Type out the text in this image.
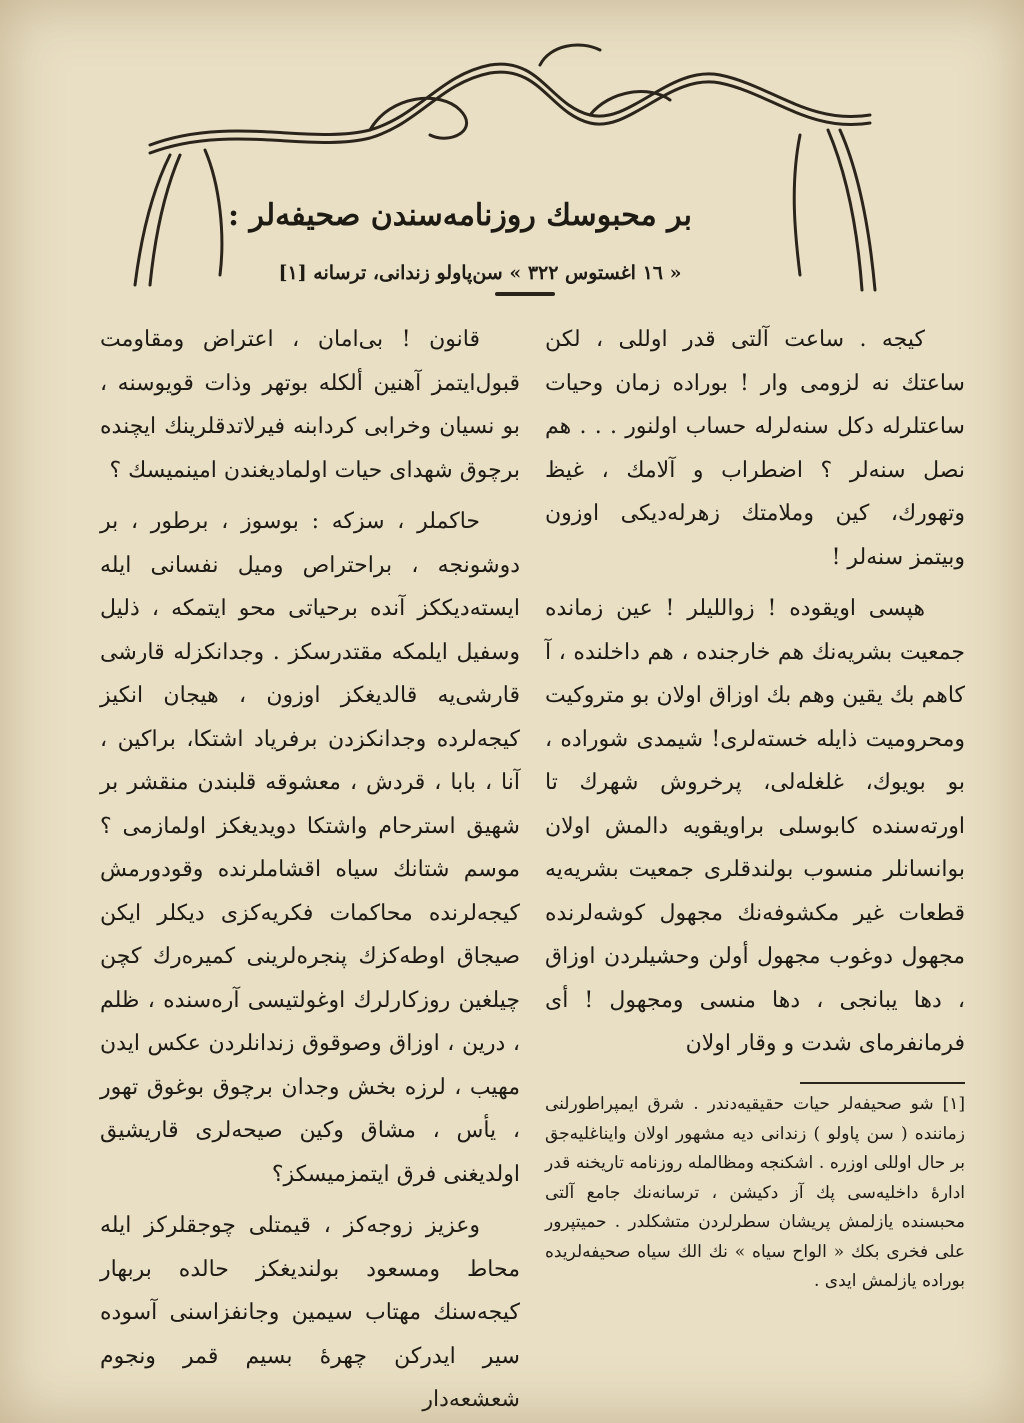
بر محبوسك روزنامه‌سندن صحیفه‌لر :
« ۱٦ اغستوس ۳۲۲ » سن‌پاولو زندانی، ترسانه [۱]

کیجه . ساعت آلتی قدر اوللی ، لکن ساعتك نه لزومی وار ! بوراده زمان وحیات ساعتلرله دکل سنه‌لرله حساب اولنور . . . هم نصل سنه‌لر ؟ اضطراب و آلامك ، غیظ وتهورك، کین وملامتك زهرله‌دیکی اوزون وبیتمز سنه‌لر !

هپسی اویقوده ! زواللیلر ! عین زمانده جمعیت بشریه‌نك هم خارجنده ، هم داخلنده ، آ کاهم بك یقین وهم بك اوزاق اولان بو متروکیت ومحرومیت ذایله خسته‌لری! شیمدی شوراده ، بو بویوك، غلغله‌لی، پرخروش شهرك تا اورته‌سنده کابوسلی براویقویه دالمش اولان بوانسانلر منسوب بولندقلری جمعیت بشریه‌یه قطعات غیر مکشوفه‌نك مجهول کوشه‌لرنده مجهول دوغوب مجهول أولن وحشیلردن اوزاق ، دها یبانجی ، دها منسی ومجهول ! أی فرمانفرمای شدت و وقار اولان

قانون ! بی‌امان ، اعتراض ومقاومت قبول‌ایتمز آهنین ألکله بوتهر وذات قویوسنه ، بو نسیان وخرابی کردابنه فیرلاتدقلرینك ایچنده برچوق شهدای حیات اولمادیغندن امینمیسك ؟

حاکملر ، سزکه : بوسوز ، برطور ، بر دوشونجه ، براحتراص ومیل نفسانی ایله ایسته‌دیککز آنده برحیاتی محو ایتمکه ، ذلیل وسفیل ایلمکه مقتدرسکز . وجدانکزله قارشی قارشی‌یه قالدیغکز اوزون ، هیجان انکیز کیجه‌لرده وجدانکزدن برفریاد اشتکا، براکین ، آنا ، بابا ، قردش ، معشوقه قلبندن منقشر بر شهیق استرحام واشتکا دویدیغکز اولمازمی ؟ موسم شتانك سیاه اقشاملرنده وقودورمش کیجه‌لرنده محاکمات فکریه‌کزی دیکلر ایکن صیجاق اوطه‌کزك پنجره‌لرینی کمیرەرك کچن چیلغین روزکارلرك اوغولتیسی آرەسنده ، ظلم ، درین ، اوزاق وصوقوق زندانلردن عکس ایدن مهیب ، لرزه بخش وجدان برچوق بوغوق تهور ، یأس ، مشاق وکین صیحه‌لری قاریشیق اولدیغنی فرق ایتمزمیسکز؟

وعزیز زوجه‌کز ، قیمتلی چوجقلرکز ایله محاط ومسعود بولندیغکز حالده بربهار کیجه‌سنك مهتاب سیمین وجانفزاسنی آسوده سیر ایدرکن چهرۀ بسیم قمر ونجوم شعشعه‌دار

[۱] شو صحیفه‌لر حیات حقیقیه‌دندر . شرق ایمپراطورلنی زماننده ( سن پاولو ) زندانی دیه مشهور اولان وایناغلیه‌جق بر حال اوللی اوزره . اشکنجه ومظالمله روزنامه تاریخنه قدر ادارۀ داخلیه‌سی پك آز دکیشن ، ترسانه‌نك جامع آلتی محبسنده یازلمش پریشان سطرلردن متشکلدر . حمیتپرور علی فخری بکك « الواح سیاه » نك الك سیاه صحیفه‌لریده بوراده یازلمش ایدی .
